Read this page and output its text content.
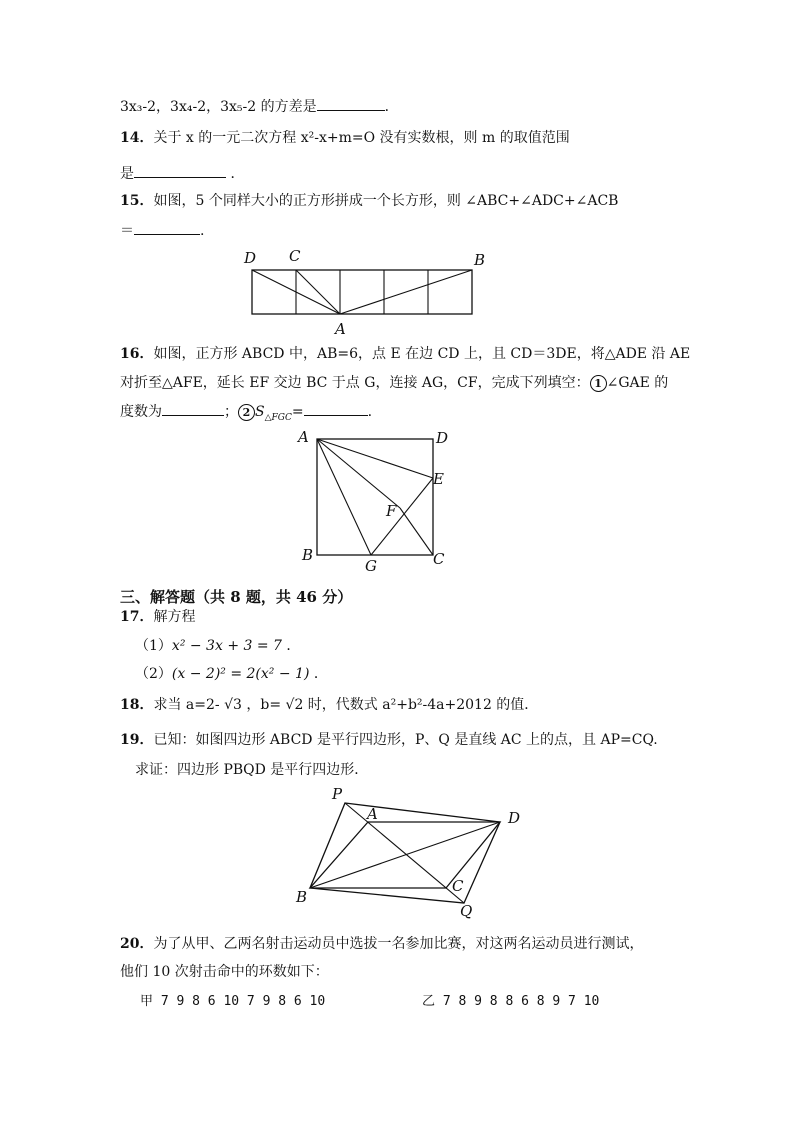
3x₃-2，3x₄-2，3x₅-2 的方差是	．
14．关于 x 的一元二次方程 x²-x+m=O 没有实数根，则 m 的取值范围
是	．
15．如图，5 个同样大小的正方形拼成一个长方形，则 ∠ABC+∠ADC+∠ACB
＝	.
D C	B
A
16．如图，正方形 ABCD 中，AB=6，点 E 在边 CD 上，且 CD＝3DE，将△ADE 沿 AE
对折至△AFE，延长 EF 交边 BC 于点 G，连接 AG，CF，完成下列填空： 1 ∠GAE 的
度数为	； 2 $S_{\triangle FGC}=$	.
A	D
E
F
B
G	C
三、解答题（共 8 题，共 46 分）
17．解方程
（1）x² − 3x + 3 = 7 ．
（2）(x − 2)² = 2(x² − 1) ．
18．求当 a=2- √3 ，b= √2 时，代数式 a²+b²-4a+2012 的值．
19．已知：如图四边形 ABCD 是平行四边形，P、Q 是直线 AC 上的点，且 AP=CQ.
求证：四边形 PBQD 是平行四边形．
P
A	D
B
C
Q
20．为了从甲、乙两名射击运动员中选拔一名参加比赛，对这两名运动员进行测试，
他们 10 次射击命中的环数如下：
甲 7 9 8 6 10 7 9 8 6 10	乙 7 8 9 8 8 6 8 9 7 10
